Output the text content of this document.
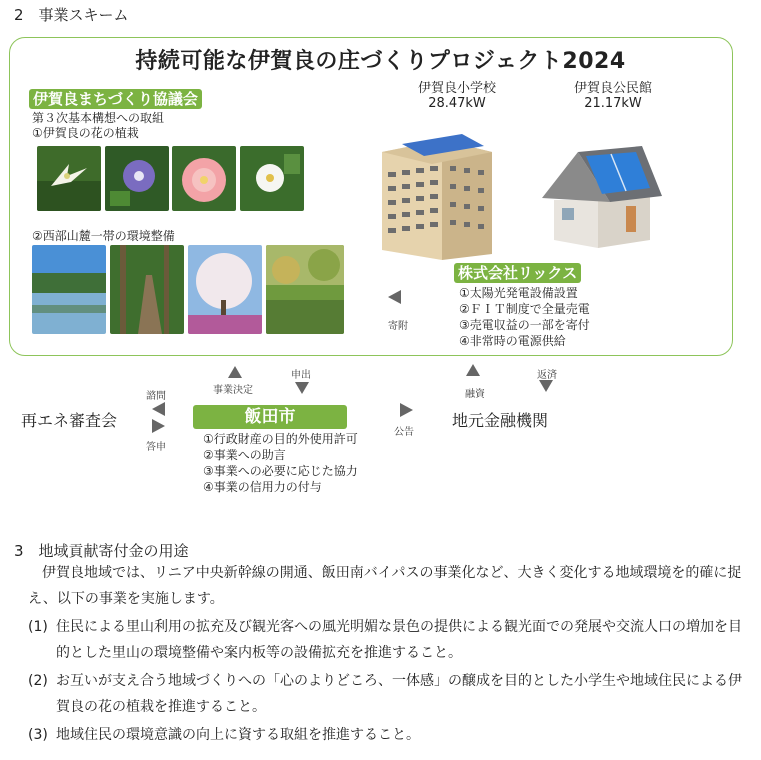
2　事業スキーム
持続可能な伊賀良の庄づくりプロジェクト2024
伊賀良まちづくり協議会
第３次基本構想への取組
①伊賀良の花の植栽
②西部山麓一帯の環境整備
伊賀良小学校
28.47kW
伊賀良公民館
21.17kW
株式会社リックス
①太陽光発電設備設置
②ＦＩＴ制度で全量売電
③売電収益の一部を寄付
④非常時の電源供給
寄附
事業決定
申出
融資
返済
再エネ審査会
諮問
答申
飯田市
公告
地元金融機関
①行政財産の目的外使用許可
②事業への助言
③事業への必要に応じた協力
④事業の信用力の付与
3　地域貢献寄付金の用途
伊賀良地域では、リニア中央新幹線の開通、飯田南バイパスの事業化など、大きく変化する地域環境を的確に捉え、以下の事業を実施します。
(1) 住民による里山利用の拡充及び観光客への風光明媚な景色の提供による観光面での発展や交流人口の増加を目的とした里山の環境整備や案内板等の設備拡充を推進すること。
(2) お互いが支え合う地域づくりへの「心のよりどころ、一体感」の醸成を目的とした小学生や地域住民による伊賀良の花の植栽を推進すること。
(3) 地域住民の環境意識の向上に資する取組を推進すること。
